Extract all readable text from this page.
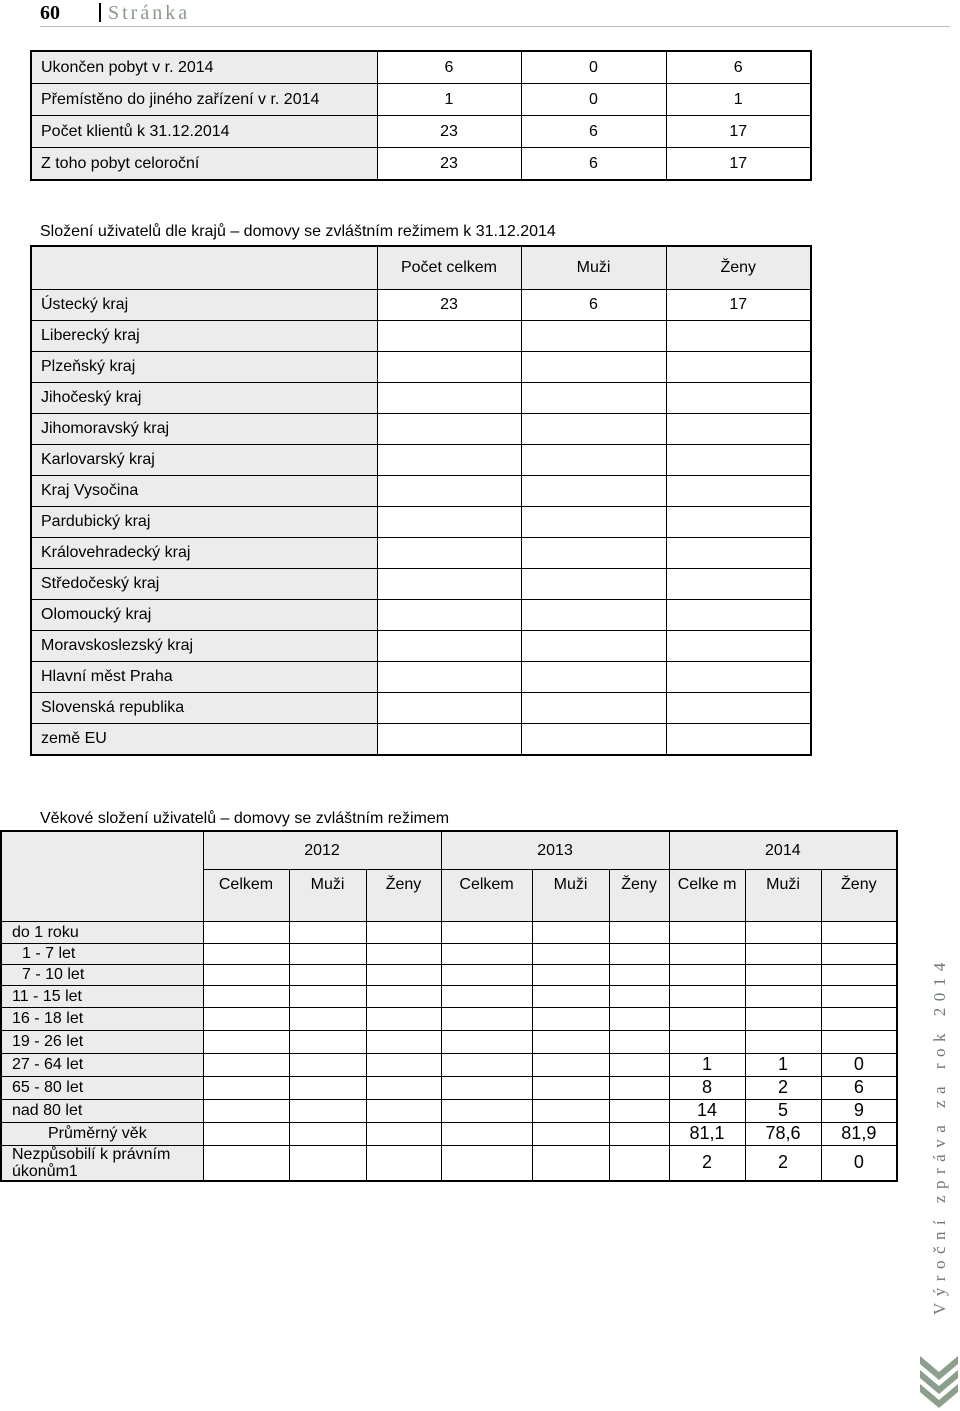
60 Stránka
Ukončen pobyt v r. 2014	6	0	6
Přemístěno do jiného zařízení v r. 2014	1	0	1
Počet klientů k 31.12.2014	23	6	17
Z toho pobyt celoroční	23	6	17
Složení uživatelů dle krajů – domovy se zvláštním režimem k 31.12.2014
	Počet celkem	Muži	Ženy
Ústecký kraj	23	6	17
Liberecký kraj			
Plzeňský kraj			
Jihočeský kraj			
Jihomoravský kraj			
Karlovarský kraj			
Kraj Vysočina			
Pardubický kraj			
Královehradecký kraj			
Středočeský kraj			
Olomoucký kraj			
Moravskoslezský kraj			
Hlavní měst Praha			
Slovenská republika			
země EU			
Věkové složení uživatelů – domovy se zvláštním režimem
	2012			2013			2014		
	Celkem	Muži	Ženy	Celkem	Muži	Ženy	Celke m	Muži	Ženy
do 1 roku									
1 - 7 let									
7 - 10 let									
11 - 15 let									
16 - 18 let									
19 - 26 let									
27 - 64 let							1	1	0
65 - 80 let							8	2	6
nad 80 let							14	5	9
Průměrný věk							81,1	78,6	81,9
Nezpůsobilí k právním úkonům1							2	2	0	Výroční zpráva za rok 2014
